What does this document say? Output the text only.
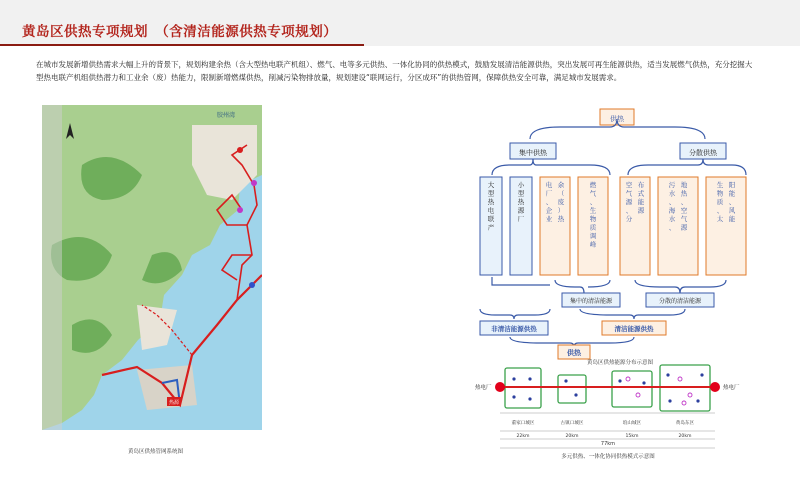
黄岛区供热专项规划　（含清洁能源供热专项规划）
在城市发展新增供热需求大幅上升的背景下，规划构建余热（含大型热电联产机组）、燃气、电等多元供热、一体化协同的供热模式，鼓励发展清洁能源供热，突出发展可再生能源供热，适当发展燃气供热，充分挖掘大型热电联产机组供热潜力和工业余（废）热能力，限制新增燃煤供热，削减污染物排放量，规划建设“联网运行，分区成环”的供热管网，保障供热安全可靠，满足城市发展需求。
热源
胶州湾
黄岛区供热管网系统图
供热
集中供热	分散供热
大型热电联产
小型热源厂
电厂、企业
余（废）热
燃气、生物质调峰
空气源、分
布式能源
污水、海水、
地热、空气源
生物质、太
阳能、风能
集中的清洁能源	分散的清洁能源
非清洁能源供热	清洁能源供热
供热
黄岛区供热能源分布示意图
热电厂	热电厂
董家口城区	古镇口城区	琅山城区	黄岛东区
22km	20km	15km	20km
77km
多元供热、一体化协同供热模式示意图
